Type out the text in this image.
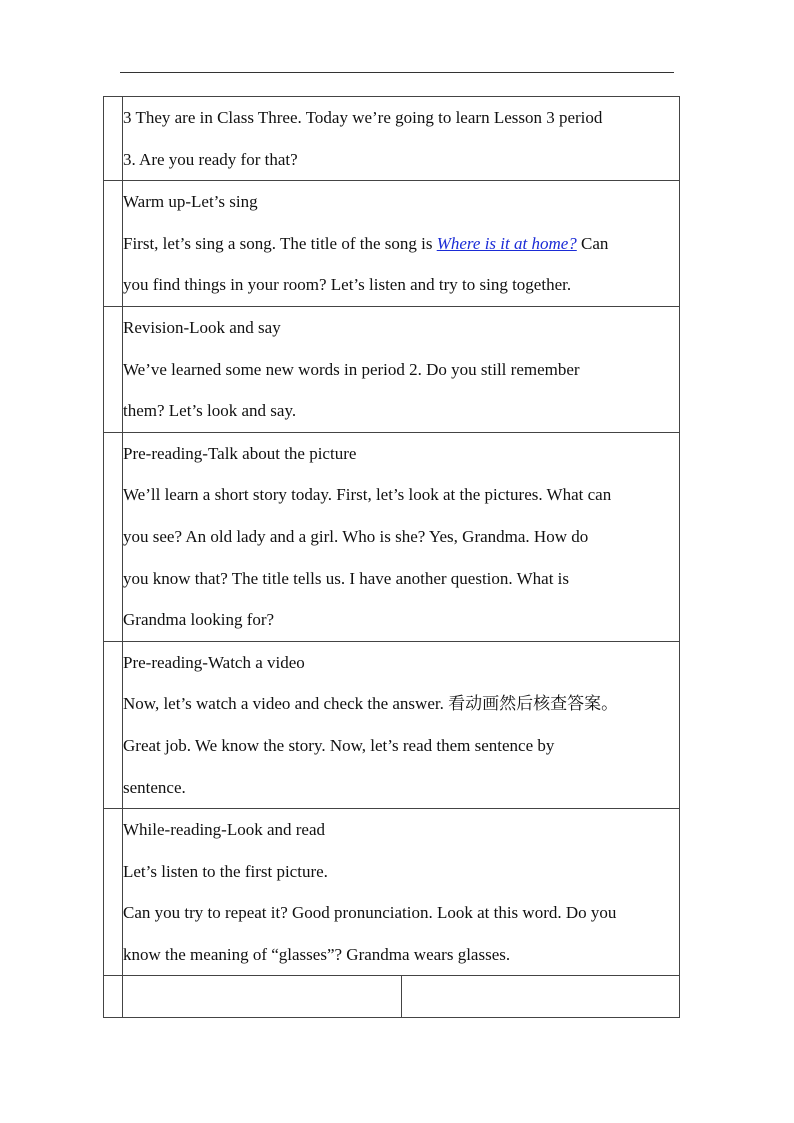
	3 They are in Class Three. Today we’re going to learn Lesson 3 period
3. Are you ready for that?	

	Warm up-Let’s sing
First, let’s sing a song. The title of the song is Where is it at home? Can
you find things in your room? Let’s listen and try to sing together.	

	Revision-Look and say
We’ve learned some new words in period 2. Do you still remember
them? Let’s look and say.	

	Pre-reading-Talk about the picture
We’ll learn a short story today. First, let’s look at the pictures. What can
you see? An old lady and a girl. Who is she? Yes, Grandma. How do
you know that? The title tells us. I have another question. What is
Grandma looking for?	

	Pre-reading-Watch a video
Now, let’s watch a video and check the answer. 看动画然后核查答案。
Great job. We know the story. Now, let’s read them sentence by
sentence.	

	While-reading-Look and read
Let’s listen to the first picture.
Can you try to repeat it? Good pronunciation. Look at this word. Do you
know the meaning of “glasses”? Grandma wears glasses.	
